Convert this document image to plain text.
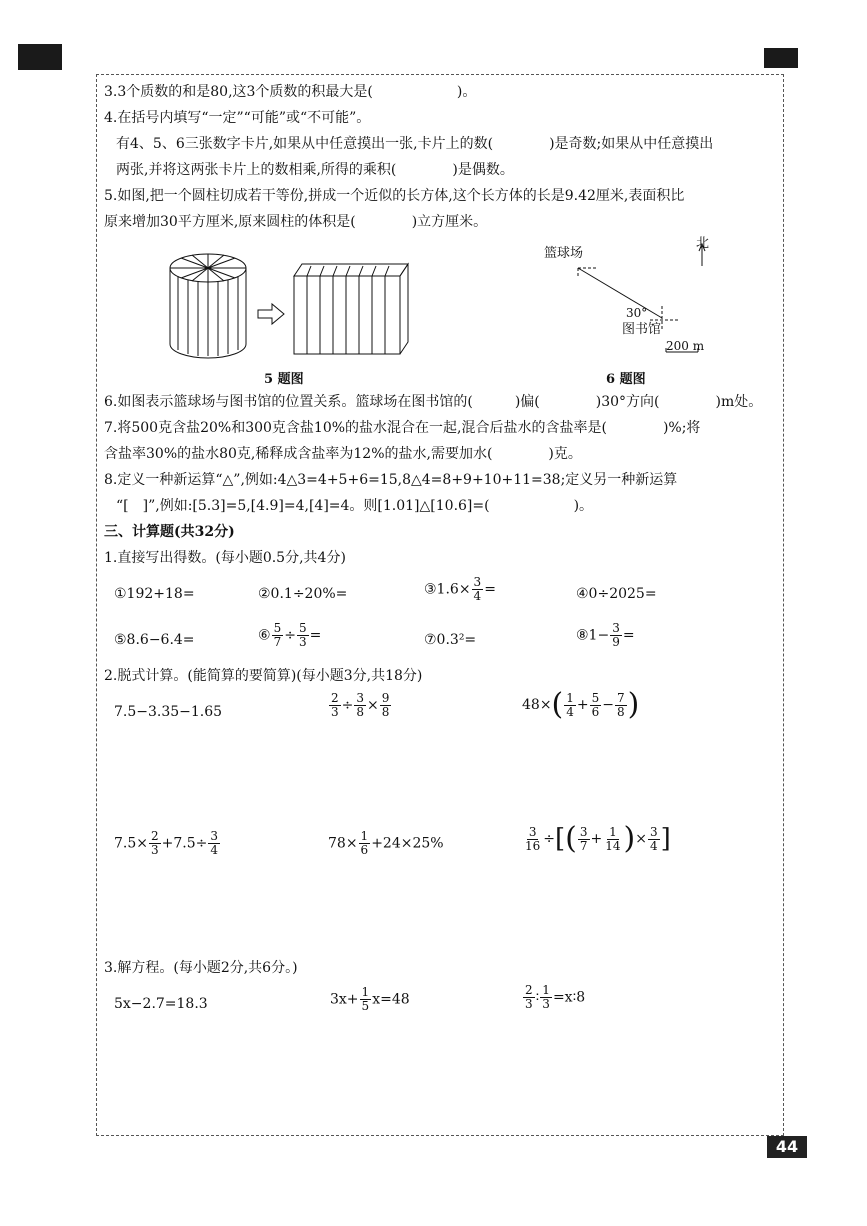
3.3个质数的和是80,这3个质数的积最大是(　　　　　　)。
4.在括号内填写“一定”“可能”或“不可能”。
有4、5、6三张数字卡片,如果从中任意摸出一张,卡片上的数(　　　　)是奇数;如果从中任意摸出
两张,并将这两张卡片上的数相乘,所得的乘积(　　　　)是偶数。
5.如图,把一个圆柱切成若干等份,拼成一个近似的长方体,这个长方体的长是9.42厘米,表面积比
原来增加30平方厘米,原来圆柱的体积是(　　　　)立方厘米。
5 题图
北
篮球场
30°
图书馆
200 m
6 题图
6.如图表示篮球场与图书馆的位置关系。篮球场在图书馆的(　　　)偏(　　　　)30°方向(　　　　)m处。
7.将500克含盐20%和300克含盐10%的盐水混合在一起,混合后盐水的含盐率是(　　　　)%;将
含盐率30%的盐水80克,稀释成含盐率为12%的盐水,需要加水(　　　　)克。
8.定义一种新运算“△”,例如:4△3=4+5+6=15,8△4=8+9+10+11=38;定义另一种新运算
“[　]”,例如:[5.3]=5,[4.9]=4,[4]=4。则[1.01]△[10.6]=(　　　　　　)。
三、计算题(共32分)
1.直接写出得数。(每小题0.5分,共4分)
①192+18=	②0.1÷20%=	③1.6× $\frac{3}{4}$ =	④0÷2025=
⑤8.6−6.4=	⑥ $\frac{5}{7} \div \frac{5}{3}$ =	⑦0.3²=	⑧1− $\frac{3}{9}$ =
2.脱式计算。(能简算的要简算)(每小题3分,共18分)
7.5−3.35−1.65	$\frac{2}{3} \div \frac{3}{8} \times \frac{9}{8}$	$48\times( \frac{1}{4} + \frac{5}{6} - \frac{7}{8}$ )
$7.5\times \frac{2}{3} +7.5\div \frac{3}{4}$	$78\times \frac{1}{6} +24\times 25\%$	$\frac{3}{16}$ ÷[( $\frac{3}{7} + \frac{1}{14}$ )× $\frac{3}{4}$ ]
3.解方程。(每小题2分,共6分。)
5x−2.7=18.3	$3x+ \frac{1}{5} x=48$	$\frac{2}{3}$ ∶ $\frac{1}{3}$ =x∶8
44
